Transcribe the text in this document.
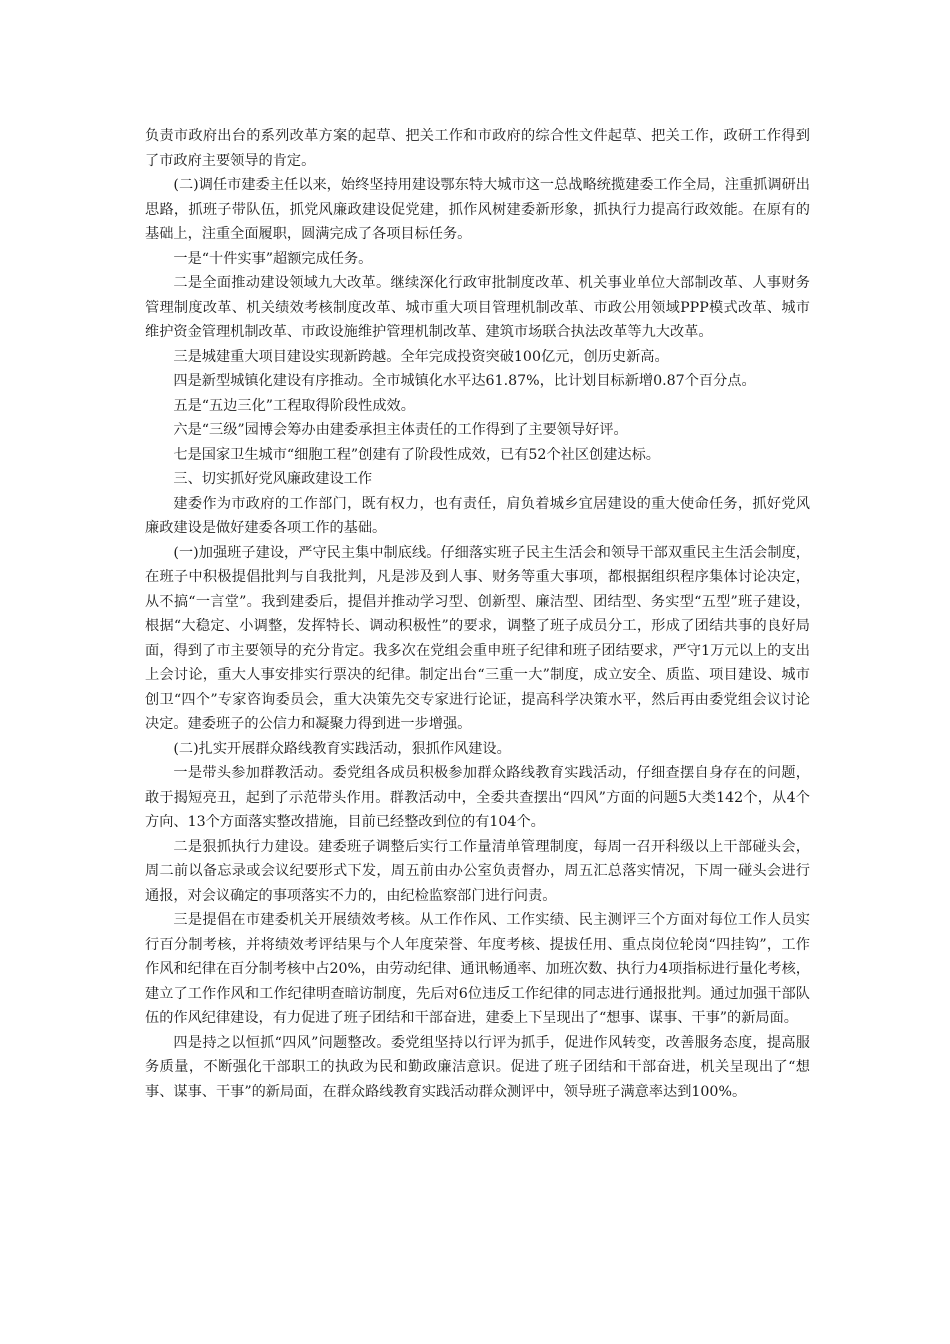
负责市政府出台的系列改革方案的起草、把关工作和市政府的综合性文件起草、把关工作，政研工作得到了市政府主要领导的肯定。

(二)调任市建委主任以来，始终坚持用建设鄂东特大城市这一总战略统揽建委工作全局，注重抓调研出思路，抓班子带队伍，抓党风廉政建设促党建，抓作风树建委新形象，抓执行力提高行政效能。在原有的基础上，注重全面履职，圆满完成了各项目标任务。

一是“十件实事”超额完成任务。

二是全面推动建设领域九大改革。继续深化行政审批制度改革、机关事业单位大部制改革、人事财务管理制度改革、机关绩效考核制度改革、城市重大项目管理机制改革、市政公用领域PPP模式改革、城市维护资金管理机制改革、市政设施维护管理机制改革、建筑市场联合执法改革等九大改革。

三是城建重大项目建设实现新跨越。全年完成投资突破100亿元，创历史新高。

四是新型城镇化建设有序推动。全市城镇化水平达61.87%，比计划目标新增0.87个百分点。

五是“五边三化”工程取得阶段性成效。

六是“三级”园博会筹办由建委承担主体责任的工作得到了主要领导好评。

七是国家卫生城市“细胞工程”创建有了阶段性成效，已有52个社区创建达标。

三、切实抓好党风廉政建设工作

建委作为市政府的工作部门，既有权力，也有责任，肩负着城乡宜居建设的重大使命任务，抓好党风廉政建设是做好建委各项工作的基础。

(一)加强班子建设，严守民主集中制底线。仔细落实班子民主生活会和领导干部双重民主生活会制度，在班子中积极提倡批判与自我批判，凡是涉及到人事、财务等重大事项，都根据组织程序集体讨论决定，从不搞“一言堂”。我到建委后，提倡并推动学习型、创新型、廉洁型、团结型、务实型“五型”班子建设，根据“大稳定、小调整，发挥特长、调动积极性”的要求，调整了班子成员分工，形成了团结共事的良好局面，得到了市主要领导的充分肯定。我多次在党组会重申班子纪律和班子团结要求，严守1万元以上的支出上会讨论，重大人事安排实行票决的纪律。制定出台“三重一大”制度，成立安全、质监、项目建设、城市创卫“四个”专家咨询委员会，重大决策先交专家进行论证，提高科学决策水平，然后再由委党组会议讨论决定。建委班子的公信力和凝聚力得到进一步增强。

(二)扎实开展群众路线教育实践活动，狠抓作风建设。

一是带头参加群教活动。委党组各成员积极参加群众路线教育实践活动，仔细查摆自身存在的问题，敢于揭短亮丑，起到了示范带头作用。群教活动中，全委共查摆出“四风”方面的问题5大类142个，从4个方向、13个方面落实整改措施，目前已经整改到位的有104个。

二是狠抓执行力建设。建委班子调整后实行工作量清单管理制度，每周一召开科级以上干部碰头会，周二前以备忘录或会议纪要形式下发，周五前由办公室负责督办，周五汇总落实情况，下周一碰头会进行通报，对会议确定的事项落实不力的，由纪检监察部门进行问责。

三是提倡在市建委机关开展绩效考核。从工作作风、工作实绩、民主测评三个方面对每位工作人员实行百分制考核，并将绩效考评结果与个人年度荣誉、年度考核、提拔任用、重点岗位轮岗“四挂钩”，工作作风和纪律在百分制考核中占20%，由劳动纪律、通讯畅通率、加班次数、执行力4项指标进行量化考核，建立了工作作风和工作纪律明查暗访制度，先后对6位违反工作纪律的同志进行通报批判。通过加强干部队伍的作风纪律建设，有力促进了班子团结和干部奋进，建委上下呈现出了“想事、谋事、干事”的新局面。

四是持之以恒抓“四风”问题整改。委党组坚持以行评为抓手，促进作风转变，改善服务态度，提高服务质量，不断强化干部职工的执政为民和勤政廉洁意识。促进了班子团结和干部奋进，机关呈现出了“想事、谋事、干事”的新局面，在群众路线教育实践活动群众测评中，领导班子满意率达到100%。
